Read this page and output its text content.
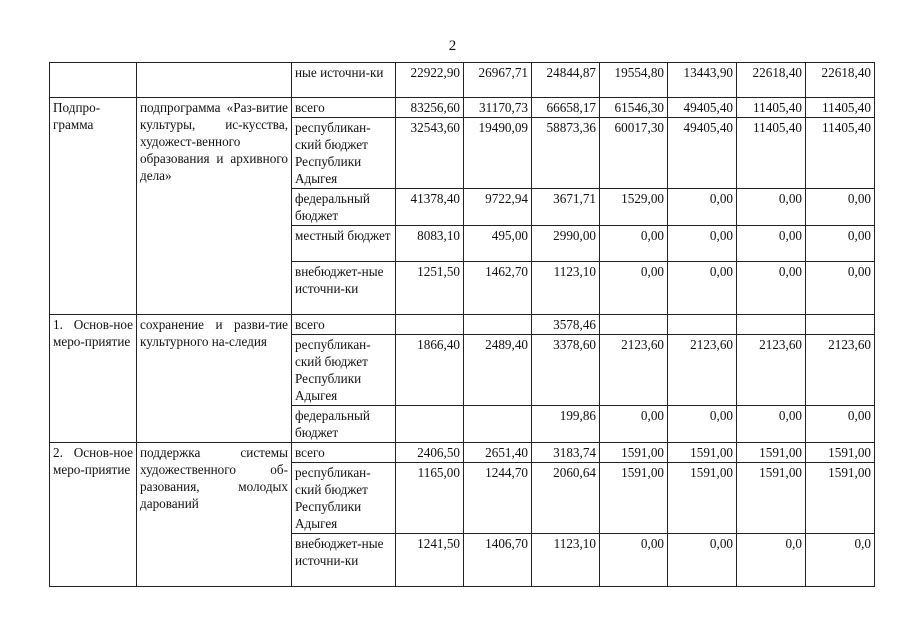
2
		ные источни-ки	22922,90	26967,71	24844,87	19554,80	13443,90	22618,40	22618,40
Подпро-грамма	подпрограмма «Раз-витие культуры, ис-кусства, художест-венного образования и архивного дела»	всего	83256,60	31170,73	66658,17	61546,30	49405,40	11405,40	11405,40
		республикан-ский бюджет Республики Адыгея	32543,60	19490,09	58873,36	60017,30	49405,40	11405,40	11405,40
		федеральный бюджет	41378,40	9722,94	3671,71	1529,00	0,00	0,00	0,00
		местный бюджет	8083,10	495,00	2990,00	0,00	0,00	0,00	0,00
		внебюджет-ные источни-ки	1251,50	1462,70	1123,10	0,00	0,00	0,00	0,00
1. Основ-ное меро-приятие	сохранение и разви-тие культурного на-следия	всего			3578,46				
		республикан-ский бюджет Республики Адыгея	1866,40	2489,40	3378,60	2123,60	2123,60	2123,60	2123,60
		федеральный бюджет			199,86	0,00	0,00	0,00	0,00
2. Основ-ное меро-приятие	поддержка системы художественного об-разования, молодых дарований	всего	2406,50	2651,40	3183,74	1591,00	1591,00	1591,00	1591,00
		республикан-ский бюджет Республики Адыгея	1165,00	1244,70	2060,64	1591,00	1591,00	1591,00	1591,00
		внебюджет-ные источни-ки	1241,50	1406,70	1123,10	0,00	0,00	0,0	0,0
